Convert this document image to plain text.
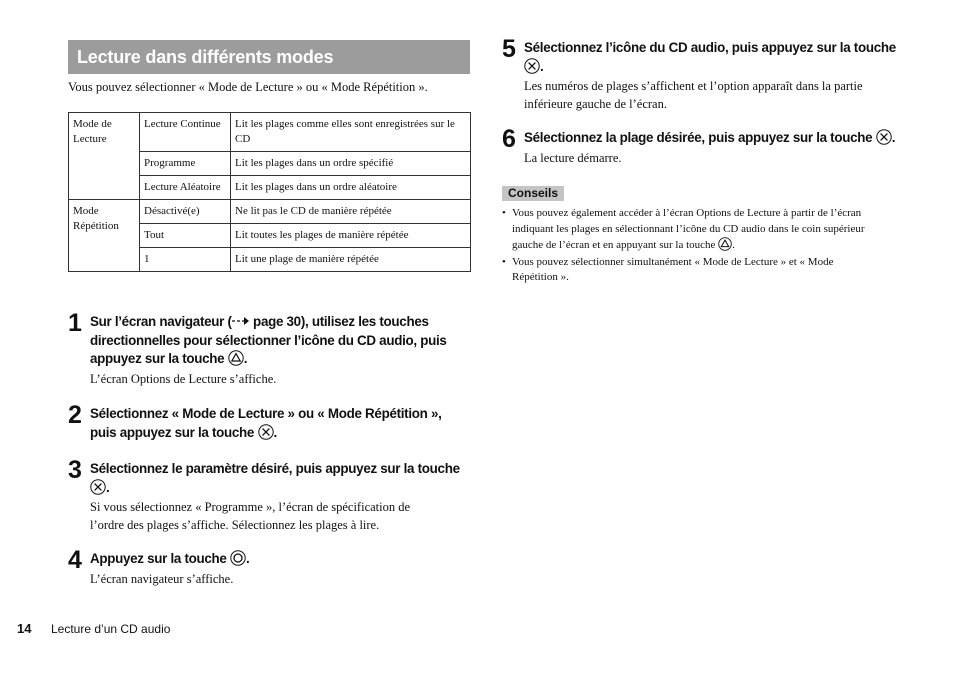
Lecture dans différents modes
Vous pouvez sélectionner « Mode de Lecture » ou « Mode Répétition ».
Mode de Lecture	Lecture Continue	Lit les plages comme elles sont enregistrées sur le CD
	Programme	Lit les plages dans un ordre spécifié
	Lecture Aléatoire	Lit les plages dans un ordre aléatoire
Mode Répétition	Désactivé(e)	Ne lit pas le CD de manière répétée
	Tout	Lit toutes les plages de manière répétée
	1	Lit une plage de manière répétée
1 Sur l’écran navigateur ( page 30), utilisez les touches
directionnelles pour sélectionner l’icône du CD audio, puis
appuyez sur la touche .
L’écran Options de Lecture s’affiche.
2 Sélectionnez « Mode de Lecture » ou « Mode Répétition »,
puis appuyez sur la touche .
3 Sélectionnez le paramètre désiré, puis appuyez sur la touche
.
Si vous sélectionnez « Programme », l’écran de spécification de
l’ordre des plages s’affiche. Sélectionnez les plages à lire.
4 Appuyez sur la touche .
L’écran navigateur s’affiche.
5 Sélectionnez l’icône du CD audio, puis appuyez sur la touche
.
Les numéros de plages s’affichent et l’option apparaît dans la partie
inférieure gauche de l’écran.
6 Sélectionnez la plage désirée, puis appuyez sur la touche .
La lecture démarre.
Conseils
• Vous pouvez également accéder à l’écran Options de Lecture à partir de l’écran
indiquant les plages en sélectionnant l’icône du CD audio dans le coin supérieur
gauche de l’écran et en appuyant sur la touche .
• Vous pouvez sélectionner simultanément « Mode de Lecture » et « Mode
Répétition ».
14 Lecture d’un CD audio
